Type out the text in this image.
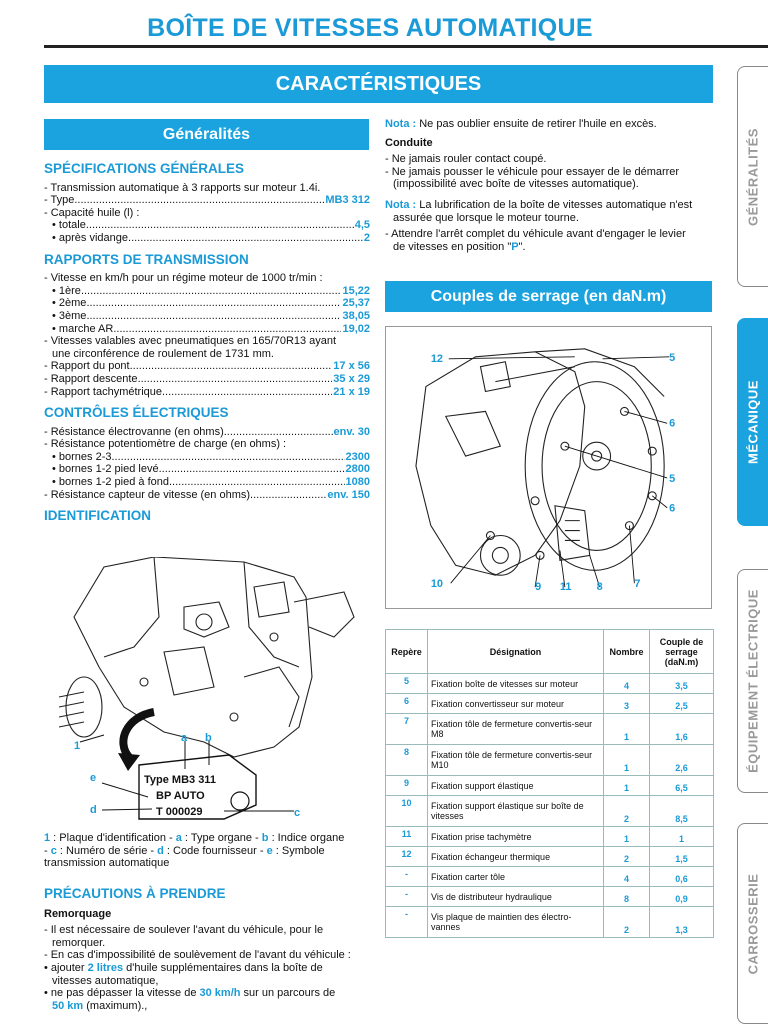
BOÎTE DE VITESSES AUTOMATIQUE
CARACTÉRISTIQUES
Généralités
Couples de serrage (en daN.m)
SPÉCIFICATIONS GÉNÉRALES
- Transmission automatique à 3 rapports sur moteur 1.4i.
- Type .....	MB3 312
- Capacité huile (l) :
• totale .....	4,5
• après vidange .....	2
RAPPORTS DE TRANSMISSION
- Vitesse en km/h pour un régime moteur de 1000 tr/min :
• 1ère .....	15,22
• 2ème .....	25,37
• 3ème .....	38,05
• marche AR .....	19,02
- Vitesses valables avec pneumatiques en 165/70R13 ayant
une circonférence de roulement de 1731 mm.
- Rapport du pont .....	17 x 56
- Rapport descente .....	35 x 29
- Rapport tachymétrique .....	21 x 19
CONTRÔLES ÉLECTRIQUES
- Résistance électrovanne (en ohms) .....	env. 30
- Résistance potentiomètre de charge (en ohms) :
• bornes 2-3 .....	2300
• bornes 1-2 pied levé .....	2800
• bornes 1-2 pied à fond .....	1080
- Résistance capteur de vitesse (en ohms) .....	env. 150
IDENTIFICATION
Type MB3 311
BP AUTO
T 000029
1
a b
e
d	c
1 : Plaque d'identification - a : Type organe - b : Indice organe
- c : Numéro de série - d : Code fournisseur - e : Symbole
transmission automatique
PRÉCAUTIONS À PRENDRE
Remorquage
- Il est nécessaire de soulever l'avant du véhicule, pour le
remorquer.
- En cas d'impossibilité de soulèvement de l'avant du véhicule :
• ajouter 2 litres d'huile supplémentaires dans la boîte de
vitesses automatique,
• ne pas dépasser la vitesse de 30 km/h sur un parcours de
50 km (maximum).,
Nota : Ne pas oublier ensuite de retirer l'huile en excès.
Conduite
- Ne jamais rouler contact coupé.
- Ne jamais pousser le véhicule pour essayer de le démarrer
(impossibilité avec boîte de vitesses automatique).
Nota : La lubrification de la boîte de vitesses automatique n'est
assurée que lorsque le moteur tourne.
- Attendre l'arrêt complet du véhicule avant d'engager le levier
de vitesses en position "P".
12	5
6
5
6
10	9 11 8	7
Repère	Désignation	Nombre	Couple de serrage (daN.m)
5	Fixation boîte de vitesses sur moteur	4	3,5
6	Fixation convertisseur sur moteur	3	2,5
7	Fixation tôle de fermeture convertis-seur M8	1	1,6
8	Fixation tôle de fermeture convertis-seur M10	1	2,6
9	Fixation support élastique	1	6,5
10	Fixation support élastique sur boîte de vitesses	2	8,5
11	Fixation prise tachymètre	1	1
12	Fixation échangeur thermique	2	1,5
-	Fixation carter tôle	4	0,6
-	Vis de distributeur hydraulique	8	0,9
-	Vis plaque de maintien des électro-vannes	2	1,3
GÉNÉRALITÉS
MÉCANIQUE
ÉQUIPEMENT ÉLECTRIQUE
CARROSSERIE
